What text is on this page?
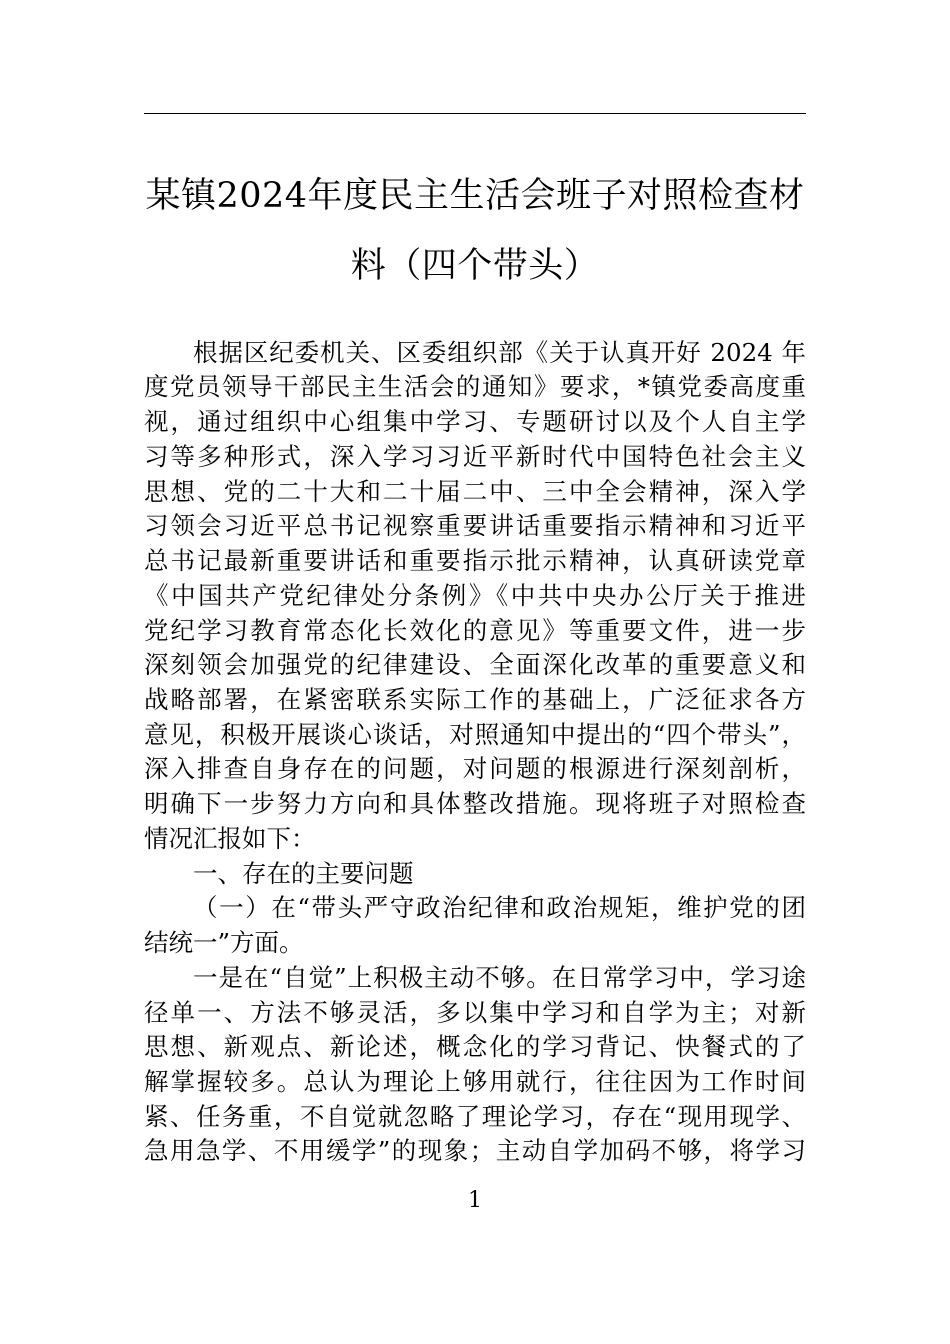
某镇2024年度民主生活会班子对照检查材
料（四个带头）
根据区纪委机关、区委组织部《关于认真开好 2024 年
度党员领导干部民主生活会的通知》要求，*镇党委高度重
视，通过组织中心组集中学习、专题研讨以及个人自主学
习等多种形式，深入学习习近平新时代中国特色社会主义
思想、党的二十大和二十届二中、三中全会精神，深入学
习领会习近平总书记视察重要讲话重要指示精神和习近平
总书记最新重要讲话和重要指示批示精神，认真研读党章
《中国共产党纪律处分条例》《中共中央办公厅关于推进
党纪学习教育常态化长效化的意见》等重要文件，进一步
深刻领会加强党的纪律建设、全面深化改革的重要意义和
战略部署，在紧密联系实际工作的基础上，广泛征求各方
意见，积极开展谈心谈话，对照通知中提出的“四个带头”，
深入排查自身存在的问题，对问题的根源进行深刻剖析，
明确下一步努力方向和具体整改措施。现将班子对照检查
情况汇报如下：
一、存在的主要问题
（一）在“带头严守政治纪律和政治规矩，维护党的团
结统一”方面。
一是在“自觉”上积极主动不够。在日常学习中，学习途
径单一、方法不够灵活，多以集中学习和自学为主；对新
思想、新观点、新论述，概念化的学习背记、快餐式的了
解掌握较多。总认为理论上够用就行，往往因为工作时间
紧、任务重，不自觉就忽略了理论学习，存在“现用现学、
急用急学、不用缓学”的现象；主动自学加码不够，将学习
1
